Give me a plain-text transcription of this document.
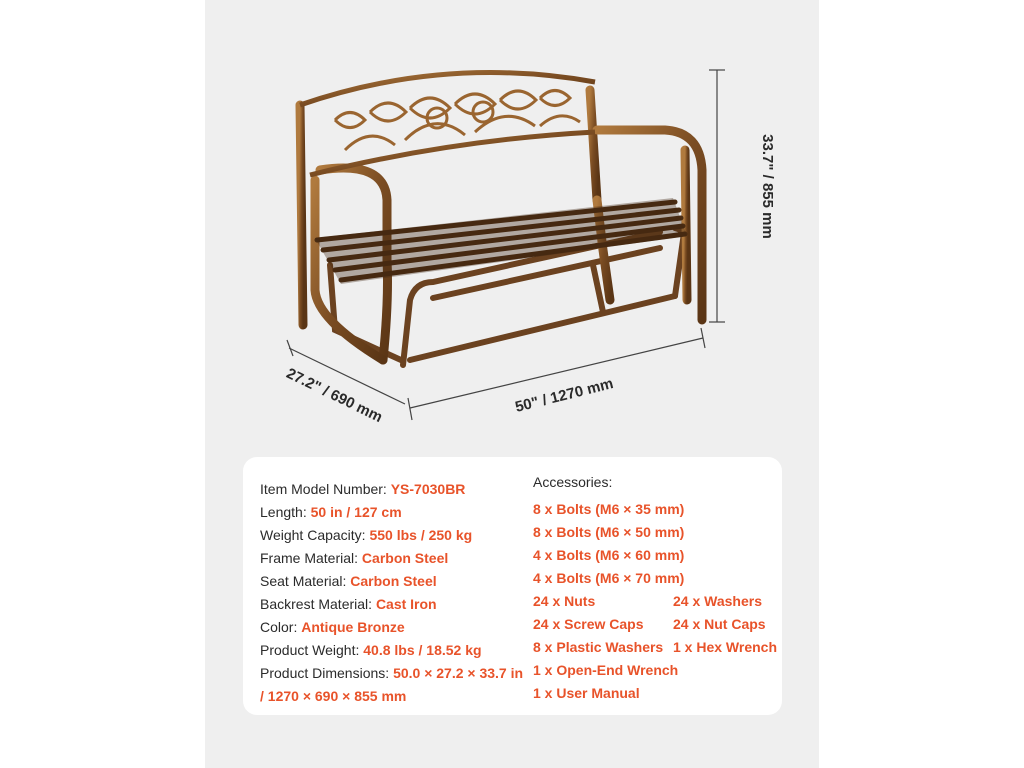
33.7" / 855 mm
50" / 1270 mm
27.2" / 690 mm
Item Model Number: YS-7030BR
Length: 50 in / 127 cm
Weight Capacity: 550 lbs / 250 kg
Frame Material: Carbon Steel
Seat Material: Carbon Steel
Backrest Material: Cast Iron
Color: Antique Bronze
Product Weight: 40.8 lbs / 18.52 kg
Product Dimensions: 50.0 × 27.2 × 33.7 in
/ 1270 × 690 × 855 mm
Accessories:
8 x Bolts (M6 × 35 mm)
8 x Bolts (M6 × 50 mm)
4 x Bolts (M6 × 60 mm)
4 x Bolts (M6 × 70 mm)
24 x Nuts	24 x Washers
24 x Screw Caps	24 x Nut Caps
8 x Plastic Washers 1 x Hex Wrench
1 x Open-End Wrench
1 x User Manual
